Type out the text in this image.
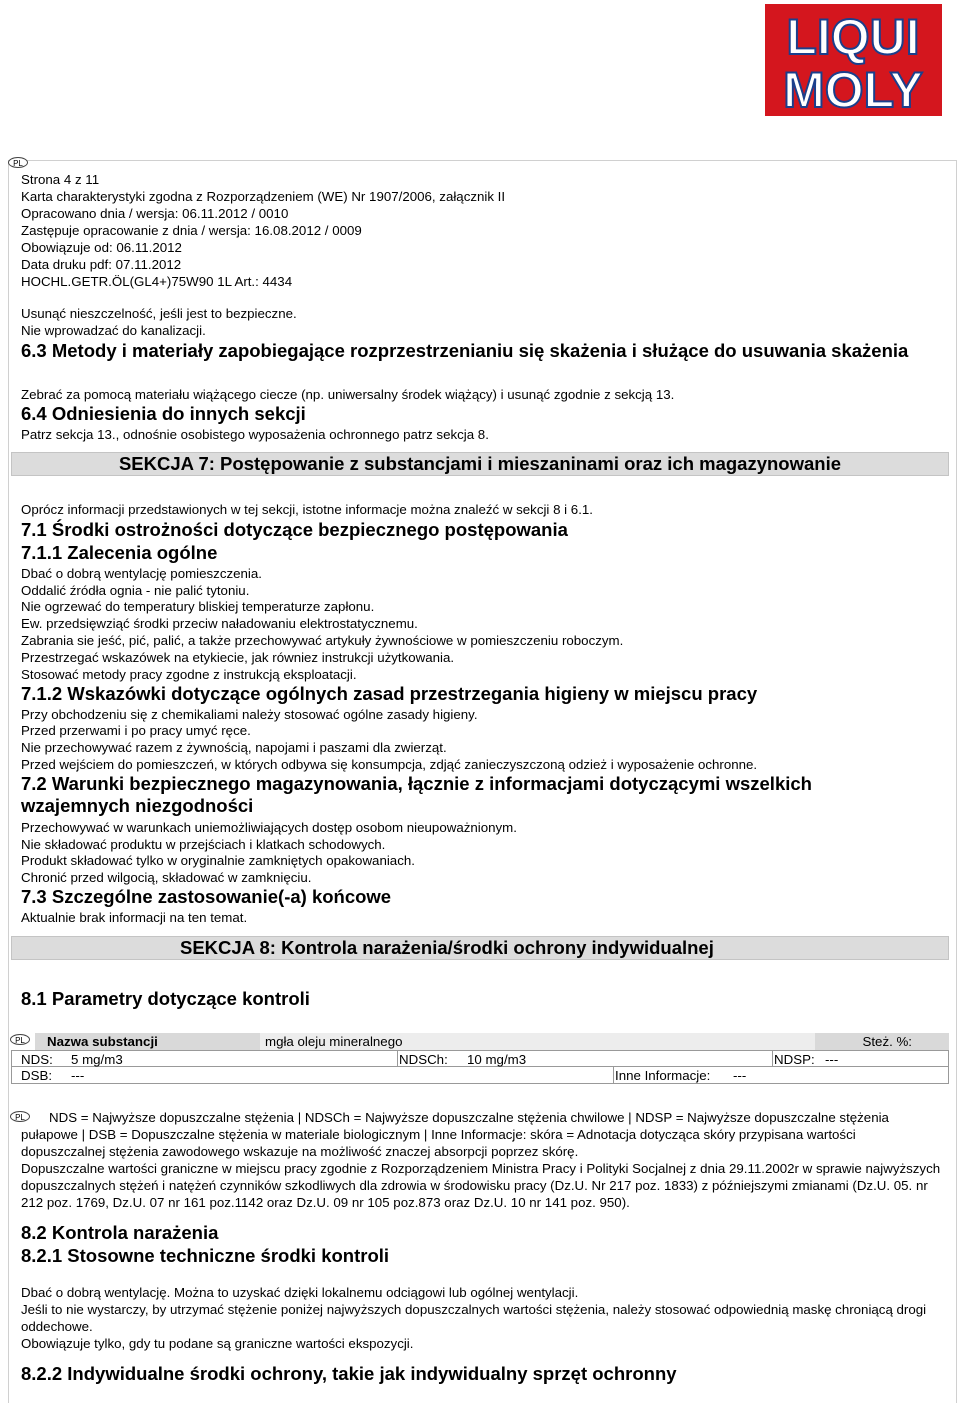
LIQUI
MOLY
PL
Strona 4 z 11
Karta charakterystyki zgodna z Rozporządzeniem (WE) Nr 1907/2006, załącznik II
Opracowano dnia / wersja: 06.11.2012 / 0010
Zastępuje opracowanie z dnia / wersja: 16.08.2012 / 0009
Obowiązuje od: 06.11.2012
Data druku pdf: 07.11.2012
HOCHL.GETR.ÖL(GL4+)75W90 1L Art.: 4434
Usunąć nieszczelność, jeśli jest to bezpieczne.
Nie wprowadzać do kanalizacji.
6.3 Metody i materiały zapobiegające rozprzestrzenianiu się skażenia i służące do usuwania skażenia
Zebrać za pomocą materiału wiążącego ciecze (np. uniwersalny środek wiążący) i usunąć zgodnie z sekcją 13.
6.4 Odniesienia do innych sekcji
Patrz sekcja 13., odnośnie osobistego wyposażenia ochronnego patrz sekcja 8.
SEKCJA 7: Postępowanie z substancjami i mieszaninami oraz ich magazynowanie
Oprócz informacji przedstawionych w tej sekcji, istotne informacje można znaleźć w sekcji 8 i 6.1.
7.1 Środki ostrożności dotyczące bezpiecznego postępowania
7.1.1 Zalecenia ogólne
Dbać o dobrą wentylację pomieszczenia.
Oddalić źródła ognia - nie palić tytoniu.
Nie ogrzewać do temperatury bliskiej temperaturze zapłonu.
Ew. przedsięwziąć środki przeciw naładowaniu elektrostatycznemu.
Zabrania sie jeść, pić, palić, a także przechowywać artykuły żywnościowe w pomieszczeniu roboczym.
Przestrzegać wskazówek na etykiecie, jak równiez instrukcji użytkowania.
Stosować metody pracy zgodne z instrukcją eksploatacji.
7.1.2 Wskazówki dotyczące ogólnych zasad przestrzegania higieny w miejscu pracy
Przy obchodzeniu się z chemikaliami należy stosować ogólne zasady higieny.
Przed przerwami i po pracy umyć ręce.
Nie przechowywać razem z żywnością, napojami i paszami dla zwierząt.
Przed wejściem do pomieszczeń, w których odbywa się konsumpcja, zdjąć zanieczyszczoną odzież i wyposażenie ochronne.
7.2 Warunki bezpiecznego magazynowania, łącznie z informacjami dotyczącymi wszelkich wzajemnych niezgodności
Przechowywać w warunkach uniemożliwiających dostęp osobom nieupoważnionym.
Nie składować produktu w przejściach i klatkach schodowych.
Produkt składować tylko w oryginalnie zamkniętych opakowaniach.
Chronić przed wilgocią, składować w zamknięciu.
7.3 Szczególne zastosowanie(-a) końcowe
Aktualnie brak informacji na ten temat.
SEKCJA 8: Kontrola narażenia/środki ochrony indywidualnej
8.1 Parametry dotyczące kontroli
PL	Nazwa substancji	mgła oleju mineralnego	Steż. %:
NDS: 5 mg/m3	NDSCh: 10 mg/m3	NDSP: ---
DSB: ---	Inne Informacje: ---
PL	NDS = Najwyższe dopuszczalne stężenia | NDSCh = Najwyższe dopuszczalne stężenia chwilowe | NDSP = Najwyższe dopuszczalne stężenia pułapowe | DSB = Dopuszczalne stężenia w materiale biologicznym | Inne Informacje: skóra = Adnotacja dotycząca skóry przypisana wartości dopuszczalnej stężenia zawodowego wskazuje na możliwość znaczej absorpcji poprzez skórę.
Dopuszczalne wartości graniczne w miejscu pracy zgodnie z Rozporządzeniem Ministra Pracy i Polityki Socjalnej z dnia 29.11.2002r w sprawie najwyższych dopuszczalnych stężeń i natężeń czynników szkodliwych dla zdrowia w środowisku pracy (Dz.U. Nr 217 poz. 1833) z późniejszymi zmianami (Dz.U. 05. nr 212 poz. 1769, Dz.U. 07 nr 161 poz.1142 oraz Dz.U. 09 nr 105 poz.873 oraz Dz.U. 10 nr 141 poz. 950).
8.2 Kontrola narażenia
8.2.1 Stosowne techniczne środki kontroli
Dbać o dobrą wentylację. Można to uzyskać dzięki lokalnemu odciągowi lub ogólnej wentylacji.
Jeśli to nie wystarczy, by utrzymać stężenie poniżej najwyższych dopuszczalnych wartości stężenia, należy stosować odpowiednią maskę chroniącą drogi oddechowe.
Obowiązuje tylko, gdy tu podane są graniczne wartości ekspozycji.
8.2.2 Indywidualne środki ochrony, takie jak indywidualny sprzęt ochronny
